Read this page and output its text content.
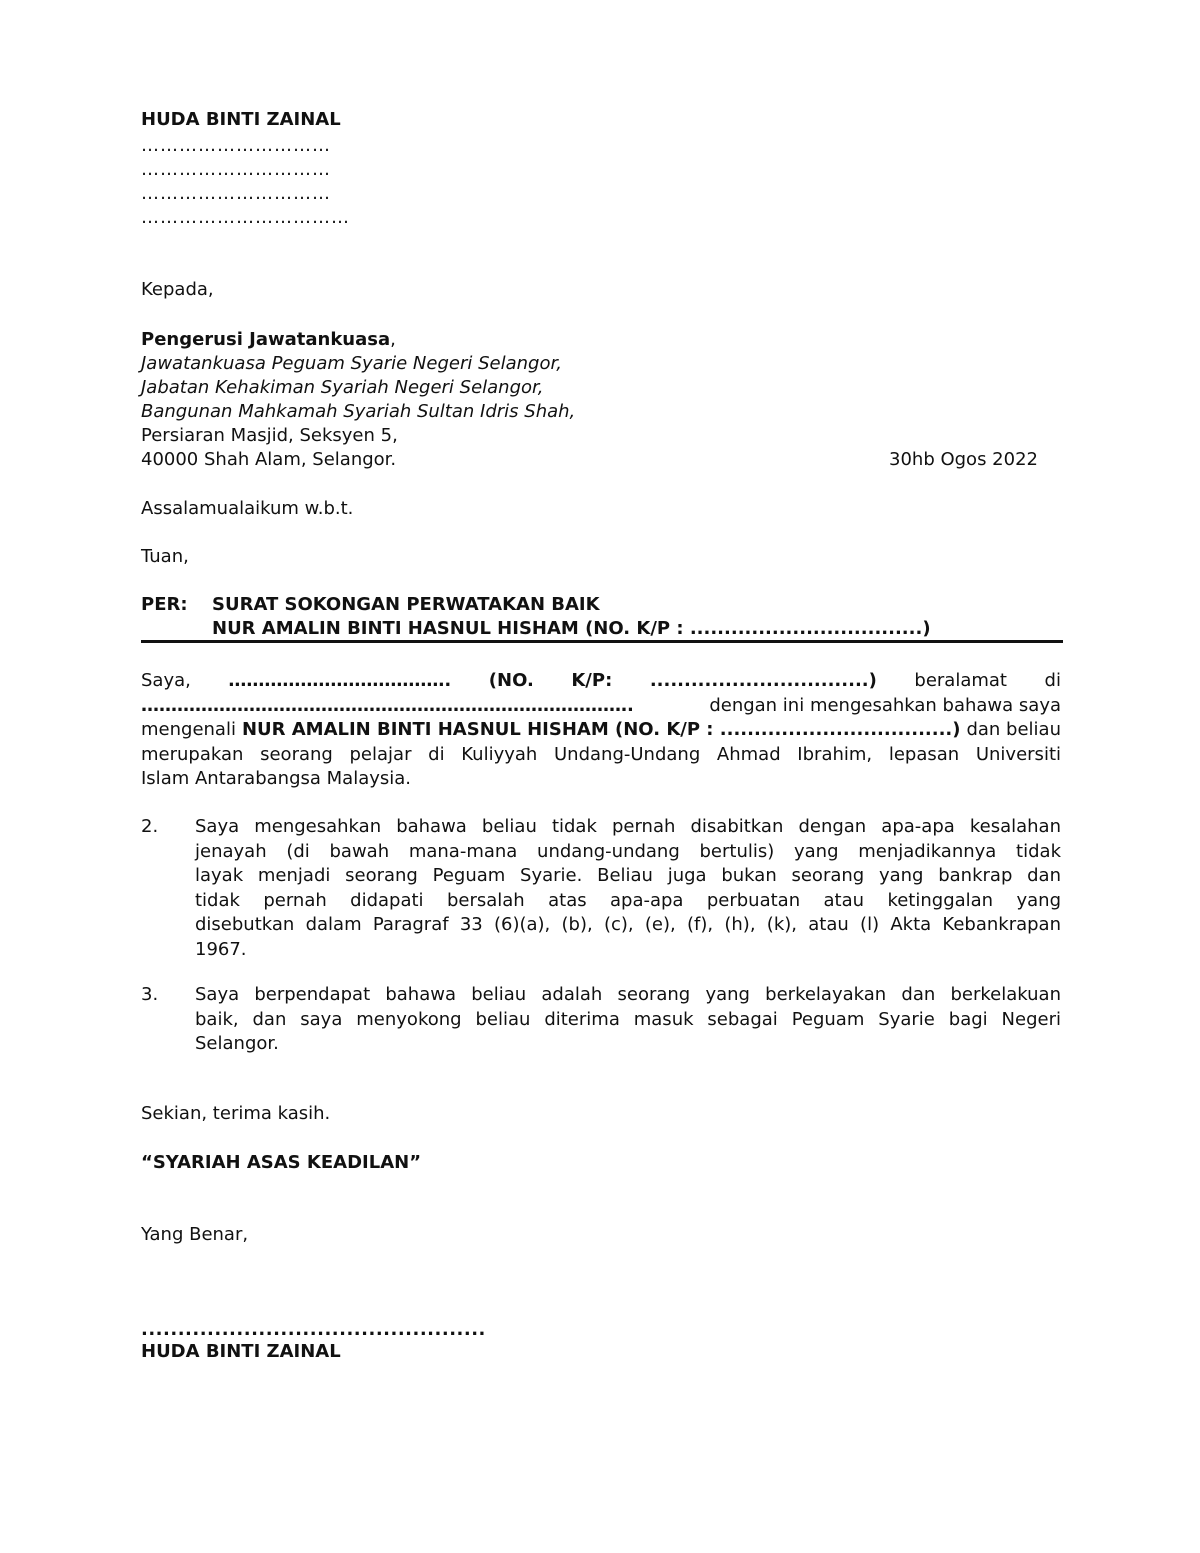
HUDA BINTI ZAINAL
…………………………
…………………………
…………………………
……………………………
Kepada,
Pengerusi Jawatankuasa,
Jawatankuasa Peguam Syarie Negeri Selangor,
Jabatan Kehakiman Syariah Negeri Selangor,
Bangunan Mahkamah Syariah Sultan Idris Shah,
Persiaran Masjid, Seksyen 5,
40000 Shah Alam, Selangor.	30hb Ogos 2022
Assalamualaikum w.b.t.
Tuan,
PER: SURAT SOKONGAN PERWATAKAN BAIK
NUR AMALIN BINTI HASNUL HISHAM (NO. K/P : ..................................)
Saya, ………………………………. (NO. K/P: ................................) beralamat di
……………………………………………………………………….	dengan ini mengesahkan bahawa saya
mengenali NUR AMALIN BINTI HASNUL HISHAM (NO. K/P : ..................................) dan beliau
merupakan seorang pelajar di Kuliyyah Undang-Undang Ahmad Ibrahim, lepasan Universiti
Islam Antarabangsa Malaysia.
2. Saya mengesahkan bahawa beliau tidak pernah disabitkan dengan apa-apa kesalahan
jenayah (di bawah mana-mana undang-undang bertulis) yang menjadikannya tidak
layak menjadi seorang Peguam Syarie. Beliau juga bukan seorang yang bankrap dan
tidak pernah didapati bersalah atas apa-apa perbuatan atau ketinggalan yang
disebutkan dalam Paragraf 33 (6)(a), (b), (c), (e), (f), (h), (k), atau (l) Akta Kebankrapan
1967.
3. Saya berpendapat bahawa beliau adalah seorang yang berkelayakan dan berkelakuan
baik, dan saya menyokong beliau diterima masuk sebagai Peguam Syarie bagi Negeri
Selangor.
Sekian, terima kasih.
“SYARIAH ASAS KEADILAN”
Yang Benar,
...............................................
HUDA BINTI ZAINAL
